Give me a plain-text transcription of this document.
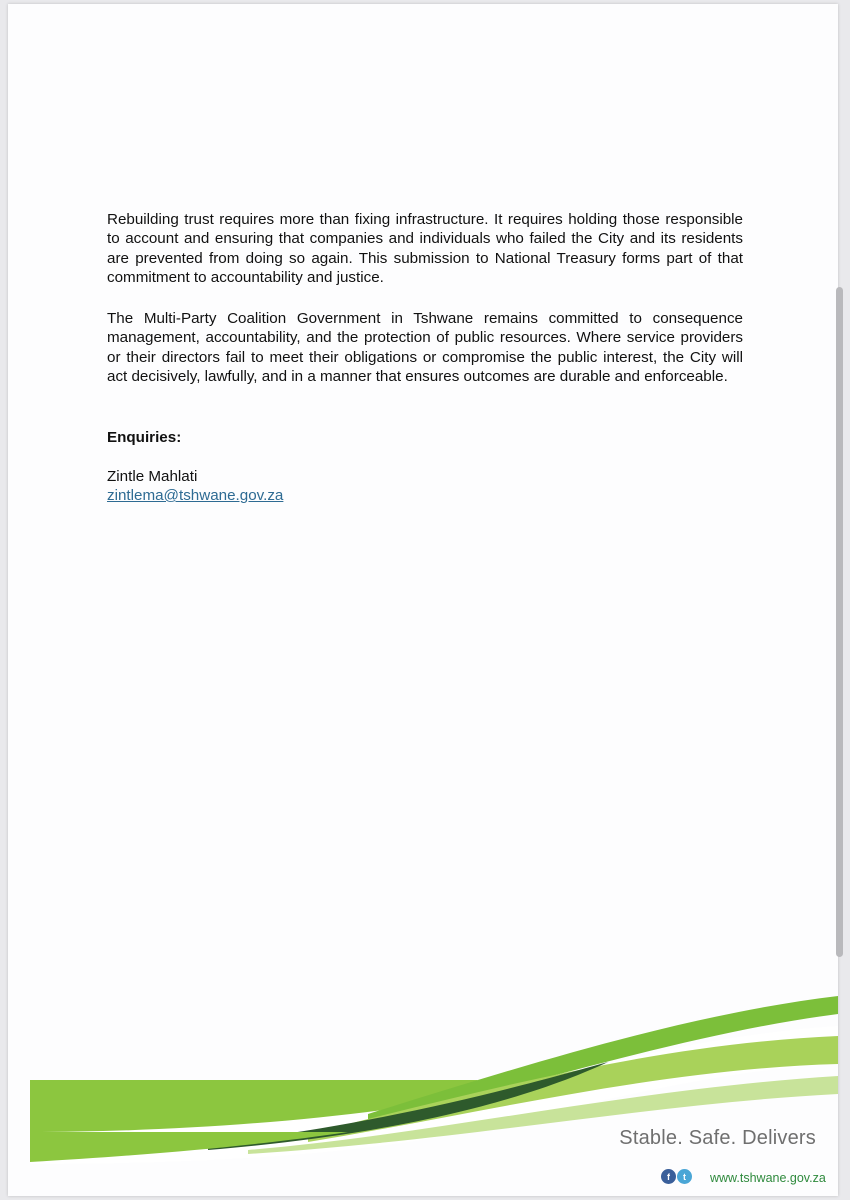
Rebuilding trust requires more than fixing infrastructure. It requires holding those responsible to account and ensuring that companies and individuals who failed the City and its residents are prevented from doing so again. This submission to National Treasury forms part of that commitment to accountability and justice.

The Multi-Party Coalition Government in Tshwane remains committed to consequence management, accountability, and the protection of public resources. Where service providers or their directors fail to meet their obligations or compromise the public interest, the City will act decisively, lawfully, and in a manner that ensures outcomes are durable and enforceable.

Enquiries:

Zintle Mahlati

zintlema@tshwane.gov.za
Stable. Safe. Delivers
f	t	www.tshwane.gov.za
